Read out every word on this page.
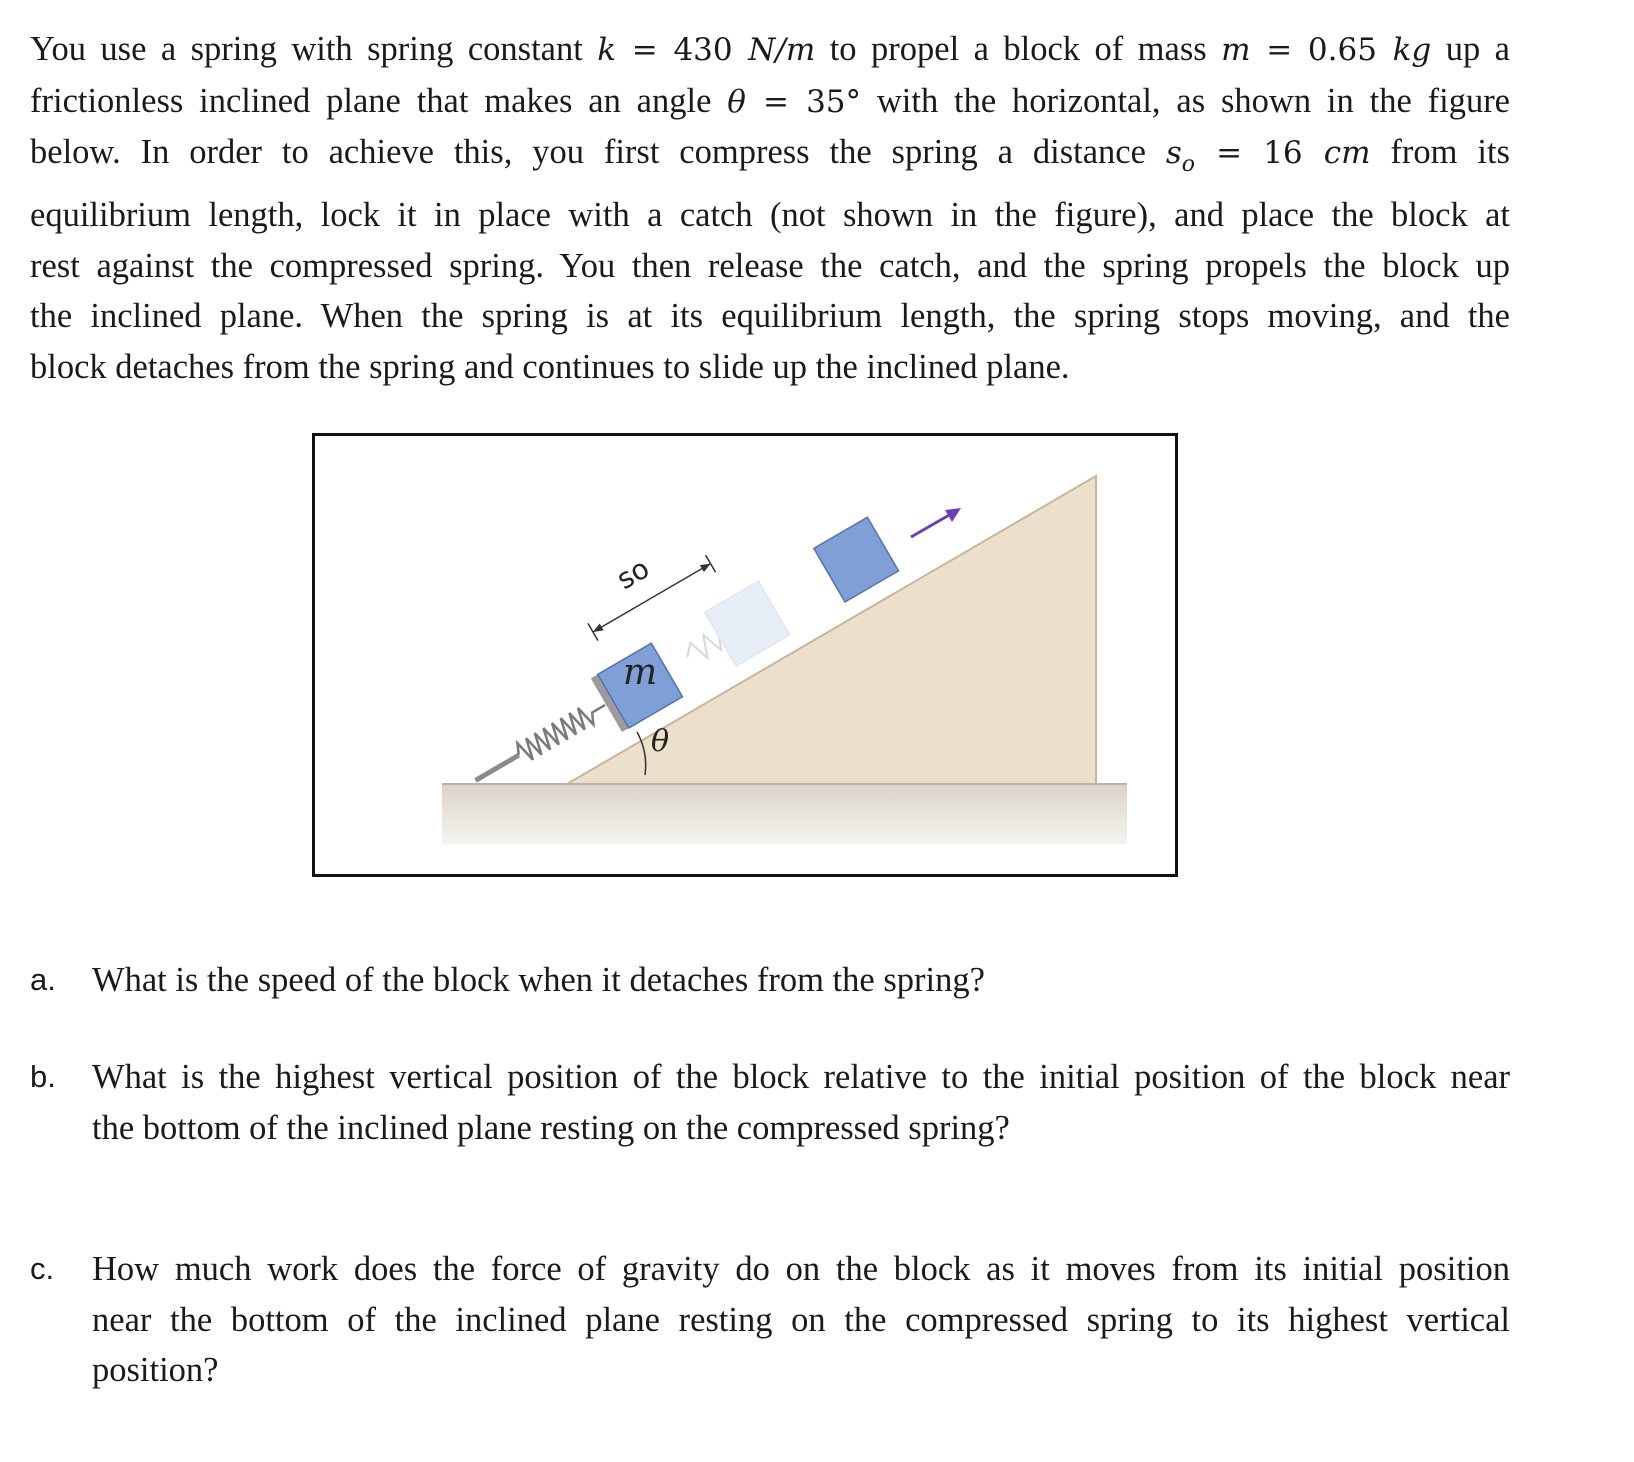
You use a spring with spring constant k = 430 N/m to propel a block of mass m = 0.65 kg up a
frictionless inclined plane that makes an angle θ = 35° with the horizontal, as shown in the figure
below. In order to achieve this, you first compress the spring a distance $s_o = 16$ cm from its
equilibrium length, lock it in place with a catch (not shown in the figure), and place the block at
rest against the compressed spring. You then release the catch, and the spring propels the block up
the inclined plane. When the spring is at its equilibrium length, the spring stops moving, and the
block detaches from the spring and continues to slide up the inclined plane.
so
m
θ
a. What is the speed of the block when it detaches from the spring?
b. What is the highest vertical position of the block relative to the initial position of the block near
the bottom of the inclined plane resting on the compressed spring?
c. How much work does the force of gravity do on the block as it moves from its initial position
near the bottom of the inclined plane resting on the compressed spring to its highest vertical
position?
